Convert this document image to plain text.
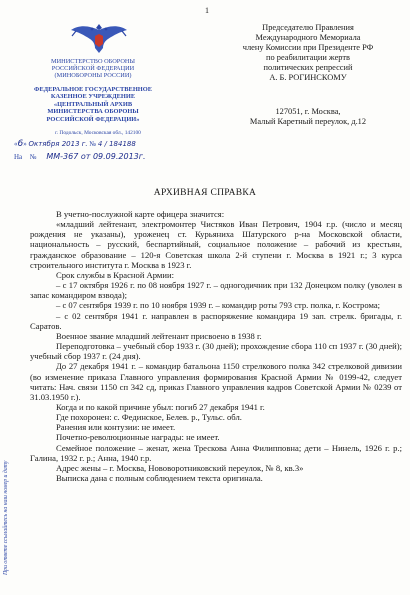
1
МИНИСТЕРСТВО ОБОРОНЫ
РОССИЙСКОЙ ФЕДЕРАЦИИ
(МИНОБОРОНЫ РОССИИ)
ФЕДЕРАЛЬНОЕ ГОСУДАРСТВЕННОЕ
КАЗЕННОЕ УЧРЕЖДЕНИЕ
«ЦЕНТРАЛЬНЫЙ АРХИВ
МИНИСТЕРСТВА ОБОРОНЫ
РОССИЙСКОЙ ФЕДЕРАЦИИ»
г. Подольск, Московская обл., 142100
«6» Октября 2013 г. № 4 / 184188
На № ММ-367 от 09.09.2013г.
Председателю Правления
Международного Мемориала
члену Комиссии при Президенте РФ
по реабилитации жертв
политических репрессий
А. Б. РОГИНСКОМУ
127051, г. Москва,
Малый Каретный переулок, д.12
АРХИВНАЯ СПРАВКА

В учетно-послужной карте офицера значится:

«младший лейтенант, электромонтер Чистяков Иван Петрович, 1904 г.р. (число и месяц рождения не указаны), уроженец ст. Курьяниха Шатурского р-на Московской области, национальность – русский, беспартийный, социальное положение – рабочий из крестьян, гражданское образование – 120-я Советская школа 2-й ступени г. Москва в 1921 г.; 3 курса строительного института г. Москва в 1923 г.

Срок службы в Красной Армии:

– с 17 октября 1926 г. по 08 ноября 1927 г. – одногодичник при 132 Донецком полку (уволен в запас командиром взвода);

– с 07 сентября 1939 г. по 10 ноября 1939 г. – командир роты 793 стр. полка, г. Кострома;

– с 02 сентября 1941 г. направлен в распоряжение командира 19 зап. стрелк. бригады, г. Саратов.

Военное звание младший лейтенант присвоено в 1938 г.

Переподготовка – учебный сбор 1933 г. (30 дней); прохождение сбора 110 сп 1937 г. (30 дней); учебный сбор 1937 г. (24 дня).

До 27 декабря 1941 г. – командир батальона 1150 стрелкового полка 342 стрелковой дивизии (во изменение приказа Главного управления формирования Красной Армии № 0199-42, следует читать: Нач. связи 1150 сп 342 сд, приказ Главного управления кадров Советской Армии № 0239 от 31.03.1950 г.).

Когда и по какой причине убыл: погиб 27 декабря 1941 г.

Где похоронен: с. Фединское, Белев. р., Тульс. обл.

Ранения или контузии: не имеет.

Почетно-революционные награды: не имеет.

Семейное положение – женат, жена Трескова Анна Филипповна; дети – Нинель, 1926 г. р.; Галина, 1932 г. р.; Анна, 1940 г.р.

Адрес жены – г. Москва, Нововоротниковский переулок, № 8, кв.3»

Выписка дана с полным соблюдением текста оригинала.

При ответе ссылайтесь на наш номер и дату
